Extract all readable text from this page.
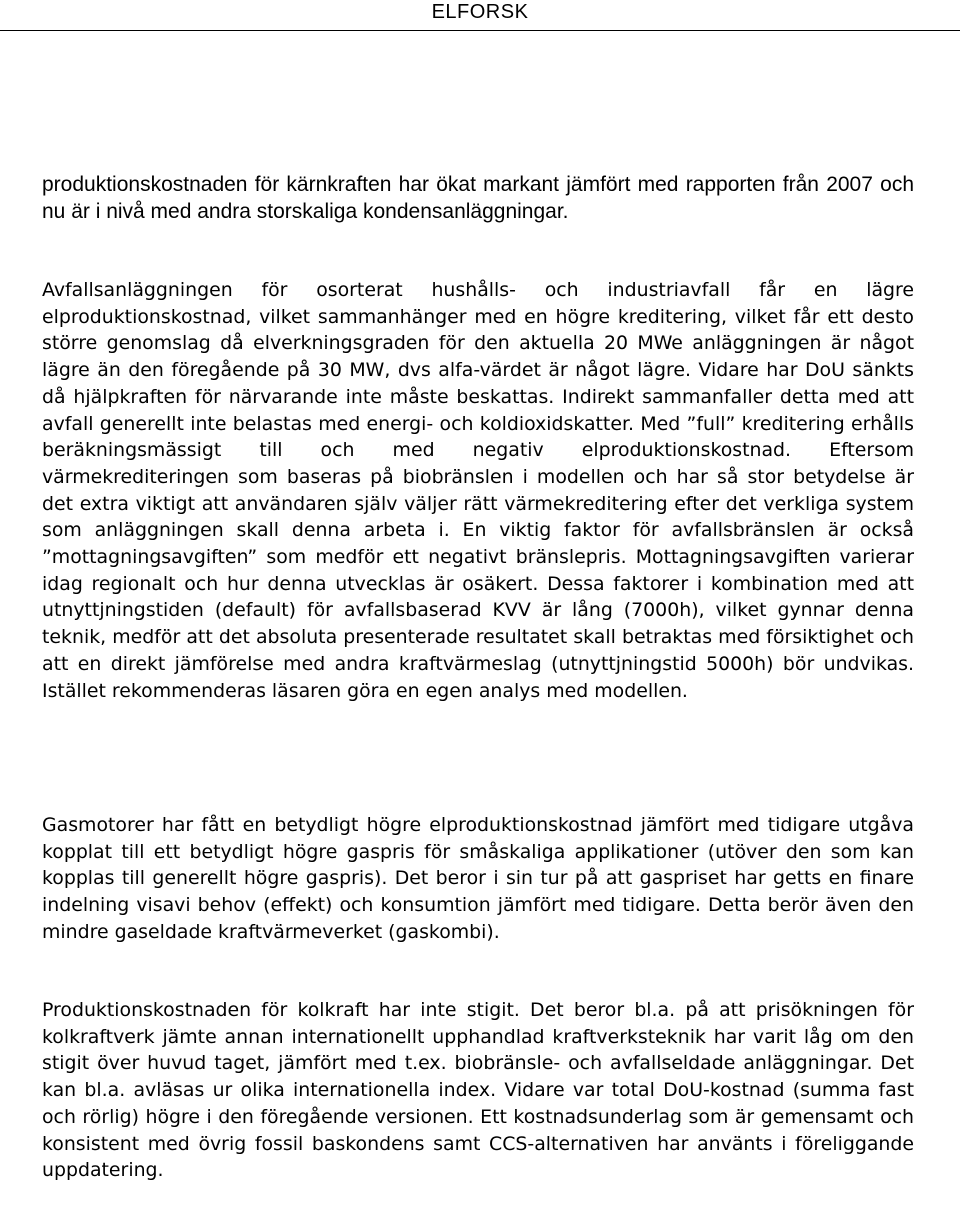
ELFORSK

produktionskostnaden för kärnkraften har ökat markant jämfört med rapporten från 2007 och nu är i nivå med andra storskaliga kondensanläggningar.

Avfallsanläggningen för osorterat hushålls- och industriavfall får en lägre elproduktionskostnad, vilket sammanhänger med en högre kreditering, vilket får ett desto större genomslag då elverkningsgraden för den aktuella 20 MWe anläggningen är något lägre än den föregående på 30 MW, dvs alfa-värdet är något lägre. Vidare har DoU sänkts då hjälpkraften för närvarande inte måste beskattas. Indirekt sammanfaller detta med att avfall generellt inte belastas med energi- och koldioxidskatter. Med ”full” kreditering erhålls beräkningsmässigt till och med negativ elproduktionskostnad. Eftersom värmekrediteringen som baseras på biobränslen i modellen och har så stor betydelse är det extra viktigt att användaren själv väljer rätt värmekreditering efter det verkliga system som anläggningen skall denna arbeta i. En viktig faktor för avfallsbränslen är också ”mottagningsavgiften” som medför ett negativt bränslepris. Mottagningsavgiften varierar idag regionalt och hur denna utvecklas är osäkert. Dessa faktorer i kombination med att utnyttjningstiden (default) för avfallsbaserad KVV är lång (7000h), vilket gynnar denna teknik, medför att det absoluta presenterade resultatet skall betraktas med försiktighet och att en direkt jämförelse med andra kraftvärmeslag (utnyttjningstid 5000h) bör undvikas. Istället rekommenderas läsaren göra en egen analys med modellen.

Gasmotorer har fått en betydligt högre elproduktionskostnad jämfört med tidigare utgåva kopplat till ett betydligt högre gaspris för småskaliga applikationer (utöver den som kan kopplas till generellt högre gaspris). Det beror i sin tur på att gaspriset har getts en finare indelning visavi behov (effekt) och konsumtion jämfört med tidigare. Detta berör även den mindre gaseldade kraftvärmeverket (gaskombi).

Produktionskostnaden för kolkraft har inte stigit. Det beror bl.a. på att prisökningen för kolkraftverk jämte annan internationellt upphandlad kraftverksteknik har varit låg om den stigit över huvud taget, jämfört med t.ex. biobränsle- och avfallseldade anläggningar. Det kan bl.a. avläsas ur olika internationella index. Vidare var total DoU-kostnad (summa fast och rörlig) högre i den föregående versionen. Ett kostnadsunderlag som är gemensamt och konsistent med övrig fossil baskondens samt CCS-alternativen har använts i föreliggande uppdatering.
